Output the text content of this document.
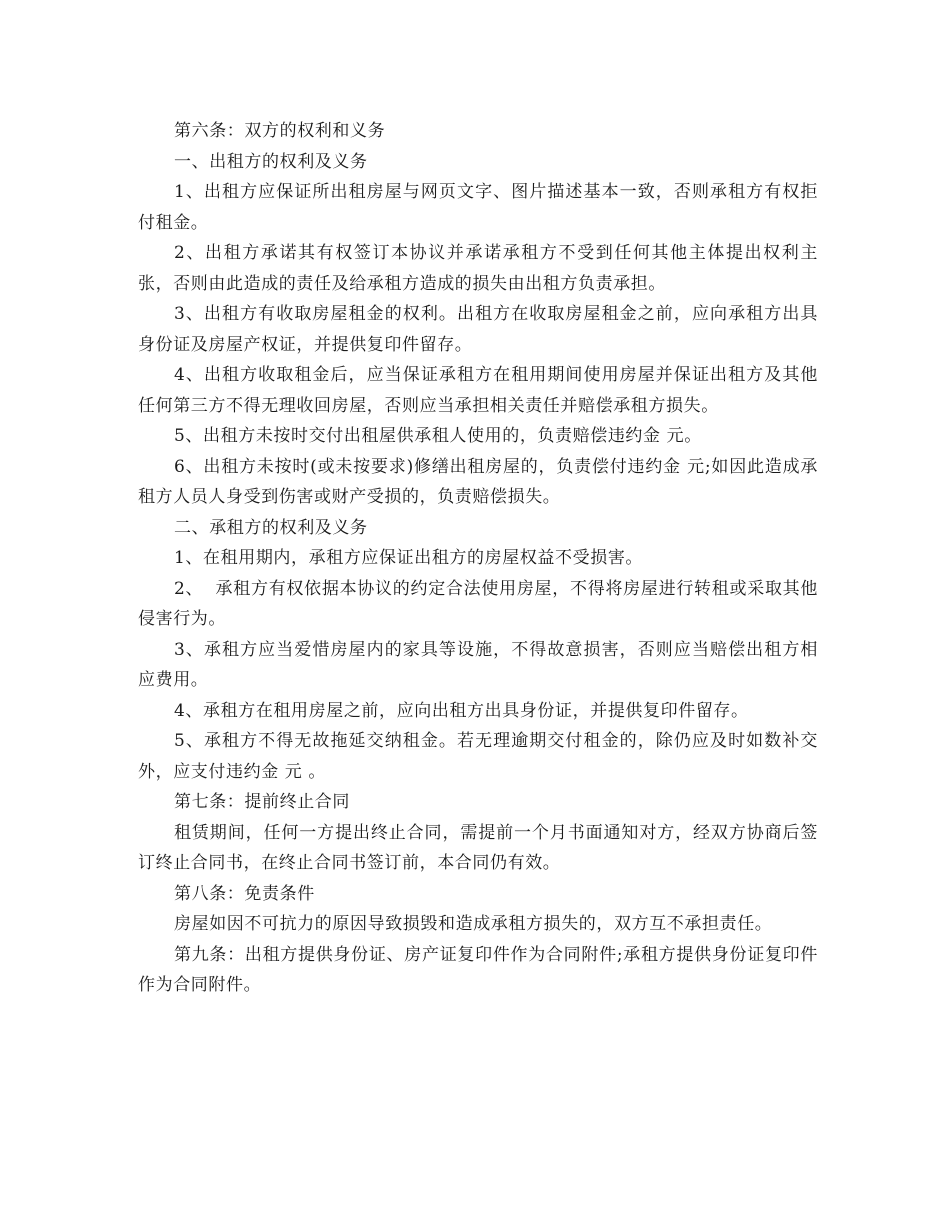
第六条：双方的权利和义务

一、出租方的权利及义务

1、出租方应保证所出租房屋与网页文字、图片描述基本一致，否则承租方有权拒付租金。

2、出租方承诺其有权签订本协议并承诺承租方不受到任何其他主体提出权利主张，否则由此造成的责任及给承租方造成的损失由出租方负责承担。

3、出租方有收取房屋租金的权利。出租方在收取房屋租金之前，应向承租方出具身份证及房屋产权证，并提供复印件留存。

4、出租方收取租金后，应当保证承租方在租用期间使用房屋并保证出租方及其他任何第三方不得无理收回房屋，否则应当承担相关责任并赔偿承租方损失。

5、出租方未按时交付出租屋供承租人使用的，负责赔偿违约金 元。

6、出租方未按时(或未按要求)修缮出租房屋的，负责偿付违约金 元;如因此造成承租方人员人身受到伤害或财产受损的，负责赔偿损失。

二、承租方的权利及义务

1、在租用期内，承租方应保证出租方的房屋权益不受损害。

2、  承租方有权依据本协议的约定合法使用房屋，不得将房屋进行转租或采取其他侵害行为。

3、承租方应当爱惜房屋内的家具等设施，不得故意损害，否则应当赔偿出租方相应费用。

4、承租方在租用房屋之前，应向出租方出具身份证，并提供复印件留存。

5、承租方不得无故拖延交纳租金。若无理逾期交付租金的，除仍应及时如数补交外，应支付违约金 元 。

第七条：提前终止合同

租赁期间，任何一方提出终止合同，需提前一个月书面通知对方，经双方协商后签订终止合同书，在终止合同书签订前，本合同仍有效。

第八条：免责条件

房屋如因不可抗力的原因导致损毁和造成承租方损失的，双方互不承担责任。

第九条：出租方提供身份证、房产证复印件作为合同附件;承租方提供身份证复印件作为合同附件。
